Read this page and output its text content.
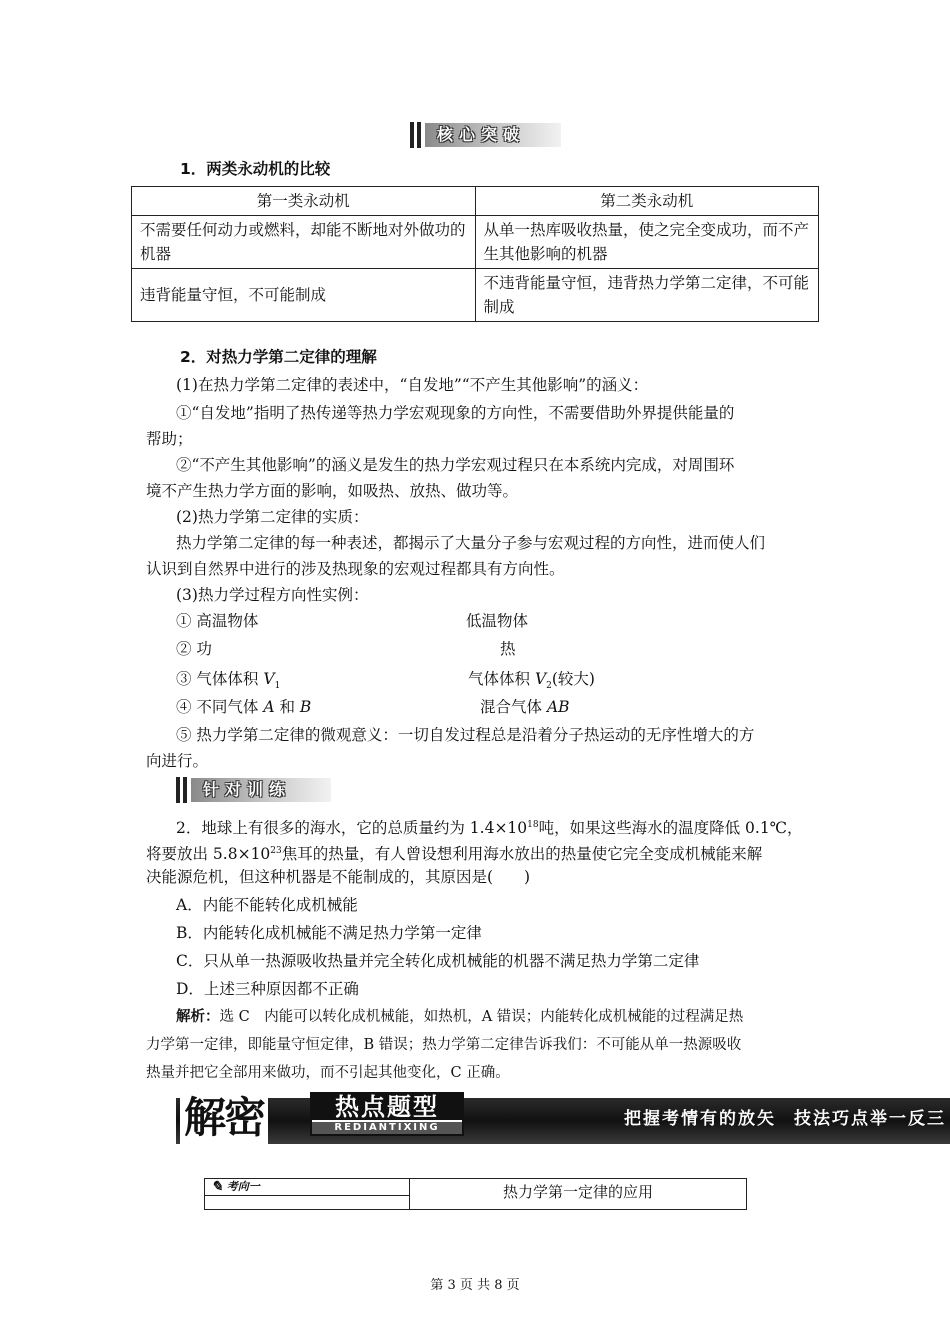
核心突破
1．两类永动机的比较
第一类永动机	第二类永动机
不需要任何动力或燃料，却能不断地对外做功的机器	从单一热库吸收热量，使之完全变成功，而不产生其他影响的机器
违背能量守恒，不可能制成	不违背能量守恒，违背热力学第二定律，不可能制成
2．对热力学第二定律的理解
(1)在热力学第二定律的表述中，“自发地”“不产生其他影响”的涵义：
①“自发地”指明了热传递等热力学宏观现象的方向性，不需要借助外界提供能量的
帮助；
②“不产生其他影响”的涵义是发生的热力学宏观过程只在本系统内完成，对周围环
境不产生热力学方面的影响，如吸热、放热、做功等。
(2)热力学第二定律的实质：
热力学第二定律的每一种表述，都揭示了大量分子参与宏观过程的方向性，进而使人们
认识到自然界中进行的涉及热现象的宏观过程都具有方向性。
(3)热力学过程方向性实例：
① 高温物体	低温物体
② 功	热
③ 气体体积 $V_1$	气体体积 $V_2$(较大)
④ 不同气体 A 和 B	混合气体 AB
⑤ 热力学第二定律的微观意义：一切自发过程总是沿着分子热运动的无序性增大的方
向进行。
针对训练
2．地球上有很多的海水，它的总质量约为 $1.4\times 10^{18}$吨，如果这些海水的温度降低 0.1℃，
将要放出 $5.8\times 10^{23}$焦耳的热量，有人曾设想利用海水放出的热量使它完全变成机械能来解
决能源危机，但这种机器是不能制成的，其原因是(　　)
A．内能不能转化成机械能
B．内能转化成机械能不满足热力学第一定律
C．只从单一热源吸收热量并完全转化成机械能的机器不满足热力学第二定律
D．上述三种原因都不正确
解析：选 C　内能可以转化成机械能，如热机，A 错误；内能转化成机械能的过程满足热
力学第一定律，即能量守恒定律，B 错误；热力学第二定律告诉我们：不可能从单一热源吸收
热量并把它全部用来做功，而不引起其他变化，C 正确。
解密	热点题型
REDIANTIXING	把握考情有的放矢 技法巧点举一反三
✎ 考向一	热力学第一定律的应用
第 3 页 共 8 页
